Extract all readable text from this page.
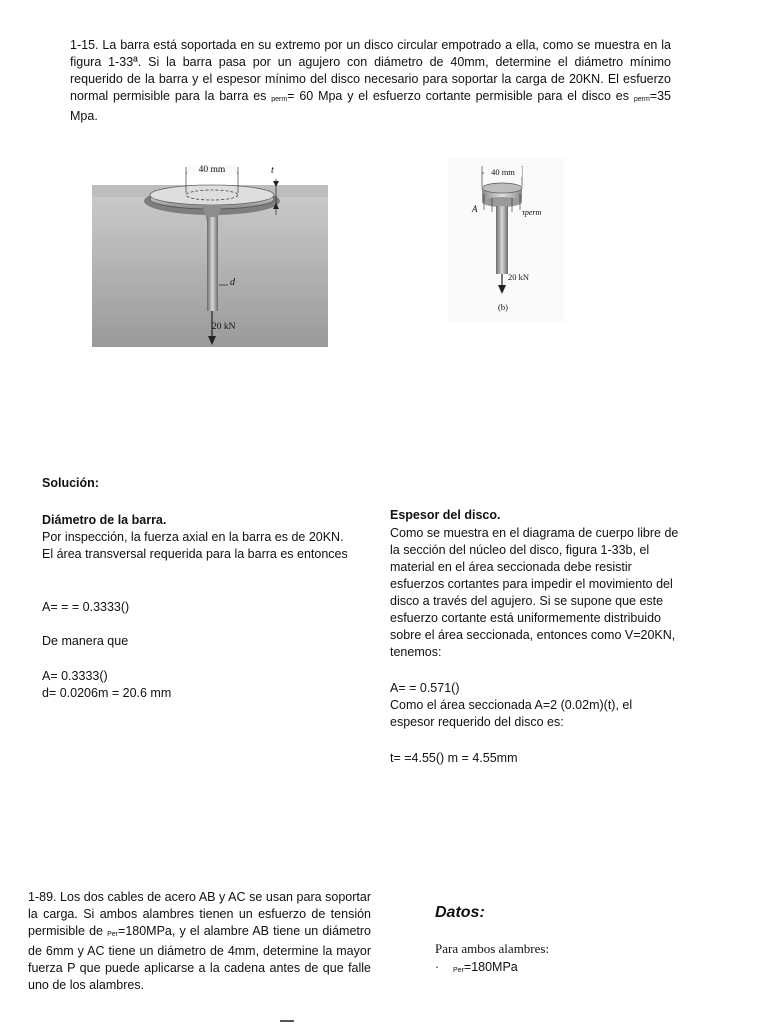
1-15. La barra está soportada en su extremo por un disco circular empotrado a ella, como se muestra en la figura 1-33ª. Si la barra pasa por un agujero con diámetro de 40mm, determine el diámetro mínimo requerido de la barra y el espesor mínimo del disco necesario para soportar la carga de 20KN. El esfuerzo normal permisible para la barra es perm= 60 Mpa y el esfuerzo cortante permisible para el disco es perm=35 Mpa.
40 mm	t
d
20 kN
40 mm
A	τperm
20 kN
(b)
Solución:
Diámetro de la barra.
Por inspección, la fuerza axial en la barra es de 20KN. El área transversal requerida para la barra es entonces
A= = = 0.3333()
De manera que
A= 0.3333()
d= 0.0206m = 20.6 mm
Espesor del disco.
Como se muestra en el diagrama de cuerpo libre de la sección del núcleo del disco, figura 1-33b, el material en el área seccionada debe resistir esfuerzos cortantes para impedir el movimiento del disco a través del agujero. Si se supone que este esfuerzo cortante está uniformemente distribuido sobre el área seccionada, entonces como V=20KN, tenemos:
A= = 0.571()
Como el área seccionada A=2 (0.02m)(t), el espesor requerido del disco es:
t= =4.55() m = 4.55mm
1-89. Los dos cables de acero AB y AC se usan para soportar la carga. Si ambos alambres tienen un esfuerzo de tensión permisible de Per=180MPa, y el alambre AB tiene un diámetro de 6mm y AC tiene un diámetro de 4mm, determine la mayor fuerza P que puede aplicarse a la cadena antes de que falle uno de los alambres.
Datos:
Para ambos alambres:
· Per=180MPa
